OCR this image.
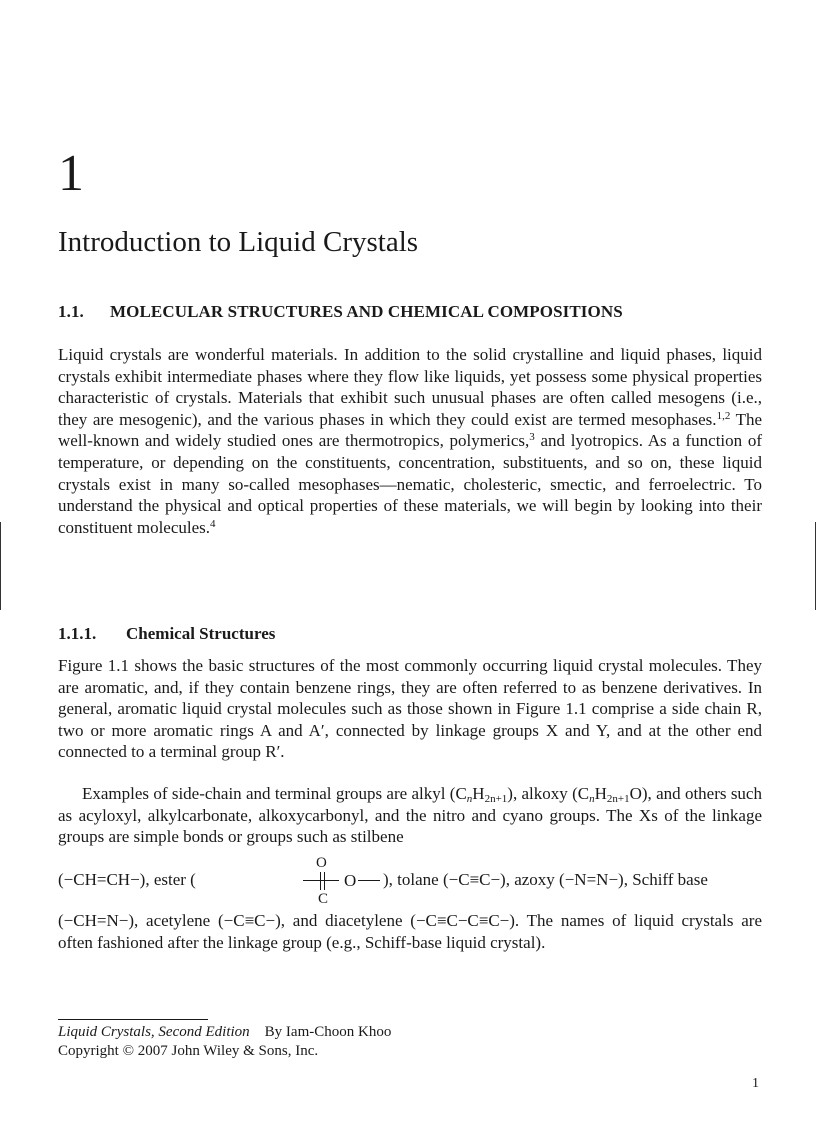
1
Introduction to Liquid Crystals
1.1. MOLECULAR STRUCTURES AND CHEMICAL COMPOSITIONS

Liquid crystals are wonderful materials. In addition to the solid crystalline and liquid phases, liquid crystals exhibit intermediate phases where they flow like liquids, yet possess some physical properties characteristic of crystals. Materials that exhibit such unusual phases are often called mesogens (i.e., they are mesogenic), and the various phases in which they could exist are termed mesophases.$^{1,2}$ The well-known and widely studied ones are thermotropics, polymerics,$^3$ and lyotropics. As a function of temperature, or depending on the constituents, concentration, substituents, and so on, these liquid crystals exist in many so-called mesophases—nematic, cholesteric, smectic, and ferroelectric. To understand the physical and optical properties of these materials, we will begin by looking into their constituent molecules.$^4$

1.1.1. Chemical Structures

Figure 1.1 shows the basic structures of the most commonly occurring liquid crystal molecules. They are aromatic, and, if they contain benzene rings, they are often referred to as benzene derivatives. In general, aromatic liquid crystal molecules such as those shown in Figure 1.1 comprise a side chain R, two or more aromatic rings A and A′, connected by linkage groups X and Y, and at the other end connected to a terminal group R′.

Examples of side-chain and terminal groups are alkyl $(C_nH_{2n+1})$, alkoxy $(C_nH_{2n+1}O)$, and others such as acyloxyl, alkylcarbonate, alkoxycarbonyl, and the nitro and cyano groups. The Xs of the linkage groups are simple bonds or groups such as stilbene

(−CH=CH−), ester (
O
O
C
), tolane (−C≡C−), azoxy (−N=N−), Schiff base

(−CH=N−), acetylene (−C≡C−), and diacetylene (−C≡C−C≡C−). The names of liquid crystals are often fashioned after the linkage group (e.g., Schiff-base liquid crystal).

Liquid Crystals, Second Edition By Iam-Choon Khoo
Copyright © 2007 John Wiley & Sons, Inc.
1
